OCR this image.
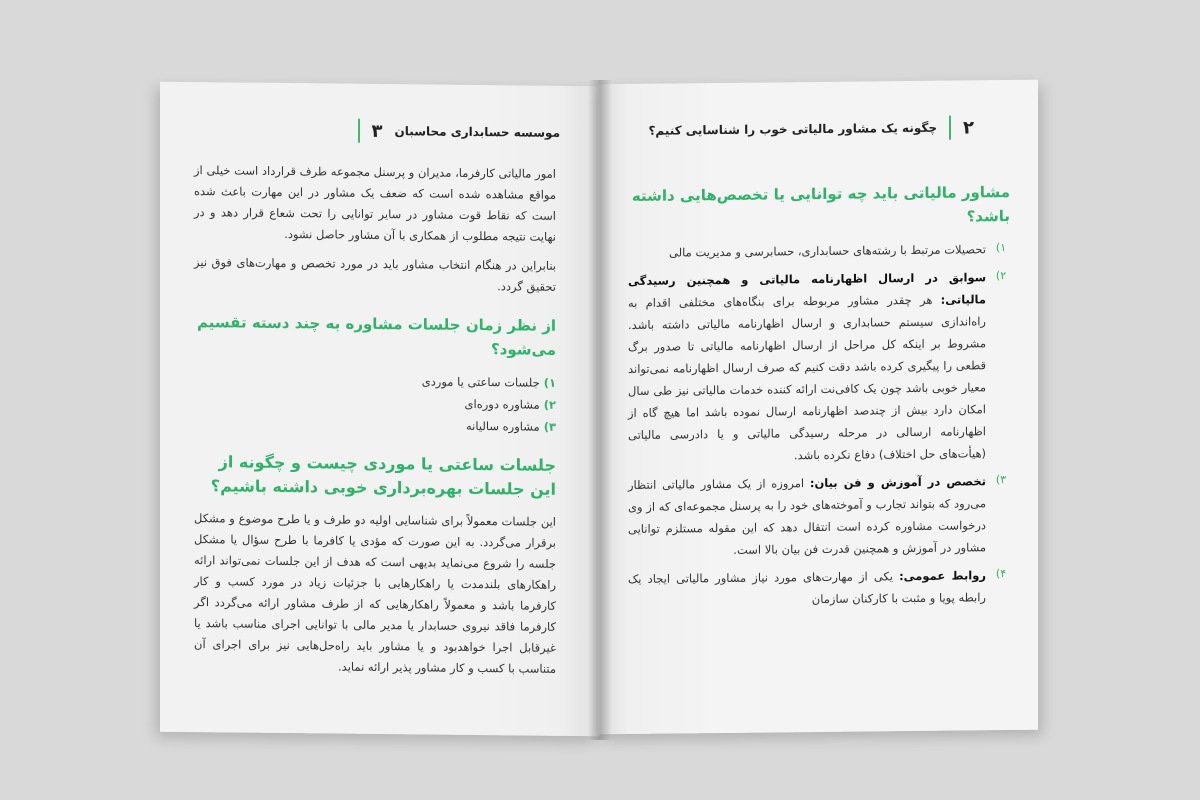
۳ موسسه حسابداری محاسبان

امور مالیاتی کارفرما، مدیران و پرسنل مجموعه طرف قرارداد است خیلی از مواقع مشاهده شده است که ضعف یک مشاور در این مهارت باعث شده است که نقاط قوت مشاور در سایر توانایی را تحت شعاع قرار دهد و در نهایت نتیجه مطلوب از همکاری با آن مشاور حاصل نشود.

بنابراین در هنگام انتخاب مشاور باید در مورد تخصص و مهارت‌های فوق نیز تحقیق گردد.

از نظر زمان جلسات مشاوره به چند دسته تقسیم می‌شود؟
۱)جلسات ساعتی یا موردی
۲)مشاوره دوره‌ای
۳)مشاوره سالیانه
جلسات ساعتی یا موردی چیست و چگونه از این جلسات بهره‌برداری خوبی داشته باشیم؟

این جلسات معمولاً برای شناسایی اولیه دو طرف و یا طرح موضوع و مشکل برقرار می‌گردد. به این صورت که مؤدی یا کافرما با طرح سؤال یا مشکل جلسه را شروع می‌نماید بدیهی است که هدف از این جلسات نمی‌تواند ارائه راهکارهای بلندمدت یا راهکارهایی با جزئیات زیاد در مورد کسب و کار کارفرما باشد و معمولاً راهکارهایی که از طرف مشاور ارائه می‌گردد اگر کارفرما فاقد نیروی حسابدار یا مدیر مالی با توانایی اجرای مناسب باشد یا غیرقابل اجرا خواهدبود و یا مشاور باید راه‌حل‌هایی نیز برای اجرای آن متناسب با کسب و کار مشاور پذیر ارائه نماید.

۲
چگونه یک مشاور مالیاتی خوب را شناسایی کنیم؟
مشاور مالیاتی باید چه توانایی یا تخصص‌هایی داشته باشد؟
۱)
تحصیلات مرتبط با رشته‌های حسابداری، حسابرسی و مدیریت مالی
۲)
سوابق در ارسال اظهارنامه مالیاتی و همچنین رسیدگی مالیاتی: هر چقدر مشاور مربوطه برای بنگاه‌های مختلفی اقدام به راه‌اندازی سیستم حسابداری و ارسال اظهارنامه مالیاتی داشته باشد. مشروط بر اینکه کل مراحل از ارسال اظهارنامه مالیاتی تا صدور برگ قطعی را پیگیری کرده باشد دقت کنیم که صرف ارسال اظهارنامه نمی‌تواند معیار خوبی باشد چون یک کافی‌نت ارائه کننده خدمات مالیاتی نیز طی سال امکان دارد بیش از چندصد اظهارنامه ارسال نموده باشد اما هیچ گاه از اظهارنامه ارسالی در مرحله رسیدگی مالیاتی و یا دادرسی مالیاتی (هیأت‌های حل اختلاف) دفاع نکرده باشد.
۳)
تخصص در آموزش و فن بیان: امروزه از یک مشاور مالیاتی انتظار می‌رود که بتواند تجارب و آموخته‌های خود را به پرسنل مجموعه‌ای که از وی درخواست مشاوره کرده است انتقال دهد که این مقوله مستلزم توانایی مشاور در آموزش و همچنین قدرت فن بیان بالا است.
۴)
روابط عمومی: یکی از مهارت‌های مورد نیاز مشاور مالیاتی ایجاد یک رابطه پویا و مثبت با کارکنان سازمان
